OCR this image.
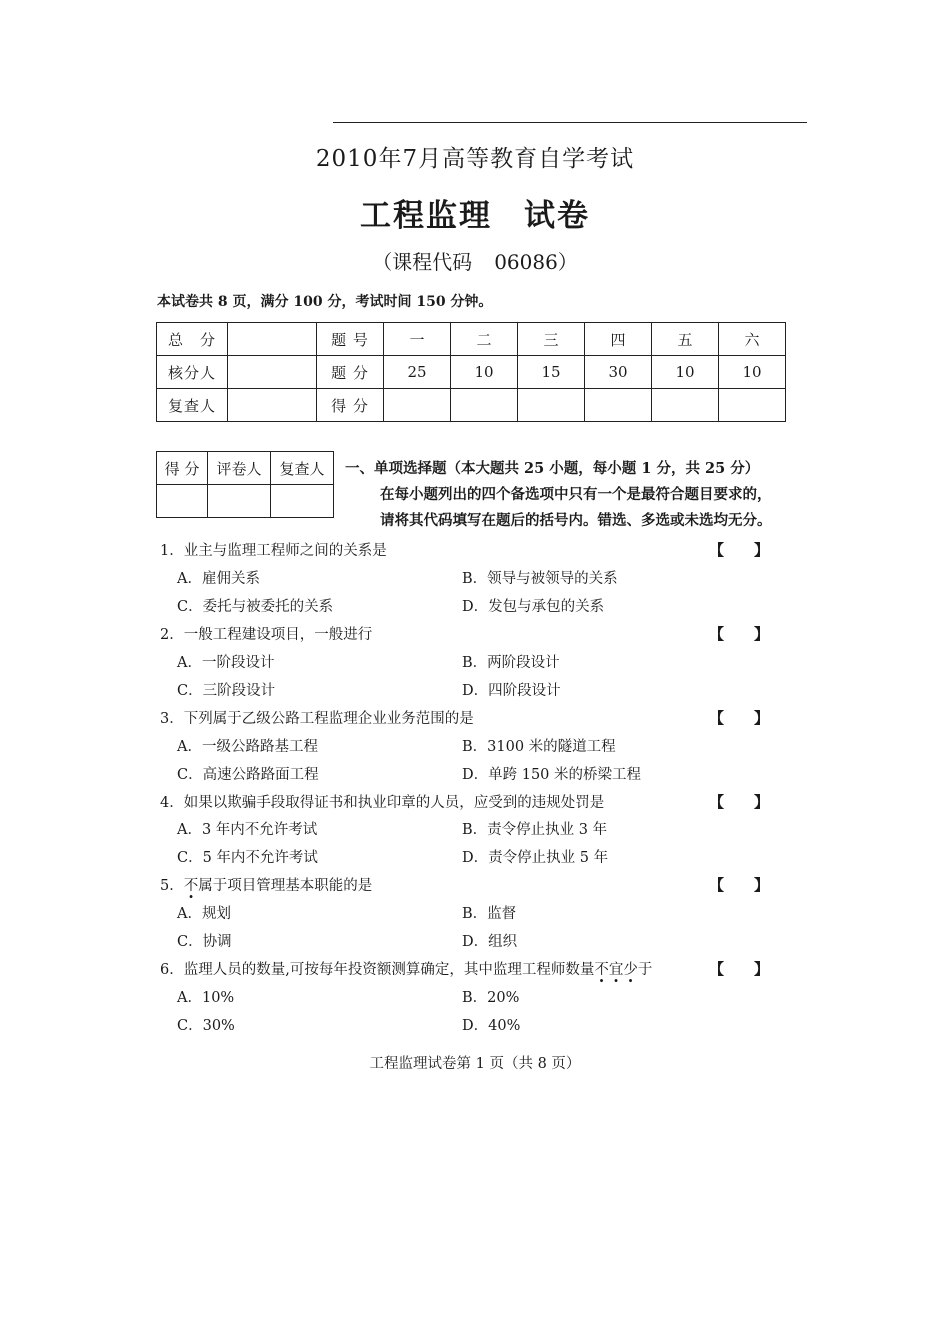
2010年7月高等教育自学考试
工程监理 试卷
（课程代码 06086）
本试卷共 8 页，满分 100 分，考试时间 150 分钟。
总　分		题 号	一	二	三	四	五	六
核分人		题 分	25	10	15	30	10	10
复查人		得 分						
得 分	评卷人	复查人
		一、单项选择题（本大题共 25 小题，每小题 1 分，共 25 分）
在每小题列出的四个备选项中只有一个是最符合题目要求的，
请将其代码填写在题后的括号内。错选、多选或未选均无分。
1．业主与监理工程师之间的关系是	【　　】
A．雇佣关系	B．领导与被领导的关系
C．委托与被委托的关系	D．发包与承包的关系
2．一般工程建设项目，一般进行	【　　】
A．一阶段设计	B．两阶段设计
C．三阶段设计	D．四阶段设计
3．下列属于乙级公路工程监理企业业务范围的是	【　　】
A．一级公路路基工程	B．3100 米的隧道工程
C．高速公路路面工程	D．单跨 150 米的桥梁工程
4．如果以欺骗手段取得证书和执业印章的人员，应受到的违规处罚是	【　　】
A．3 年内不允许考试	B．责令停止执业 3 年
C．5 年内不允许考试	D．责令停止执业 5 年
5．不属于项目管理基本职能的是	【　　】
A．规划	B．监督
C．协调	D．组织
6．监理人员的数量,可按每年投资额测算确定，其中监理工程师数量不宜少于	【　　】
A．10%	B．20%
C．30%	D．40%
工程监理试卷第 1 页（共 8 页）
